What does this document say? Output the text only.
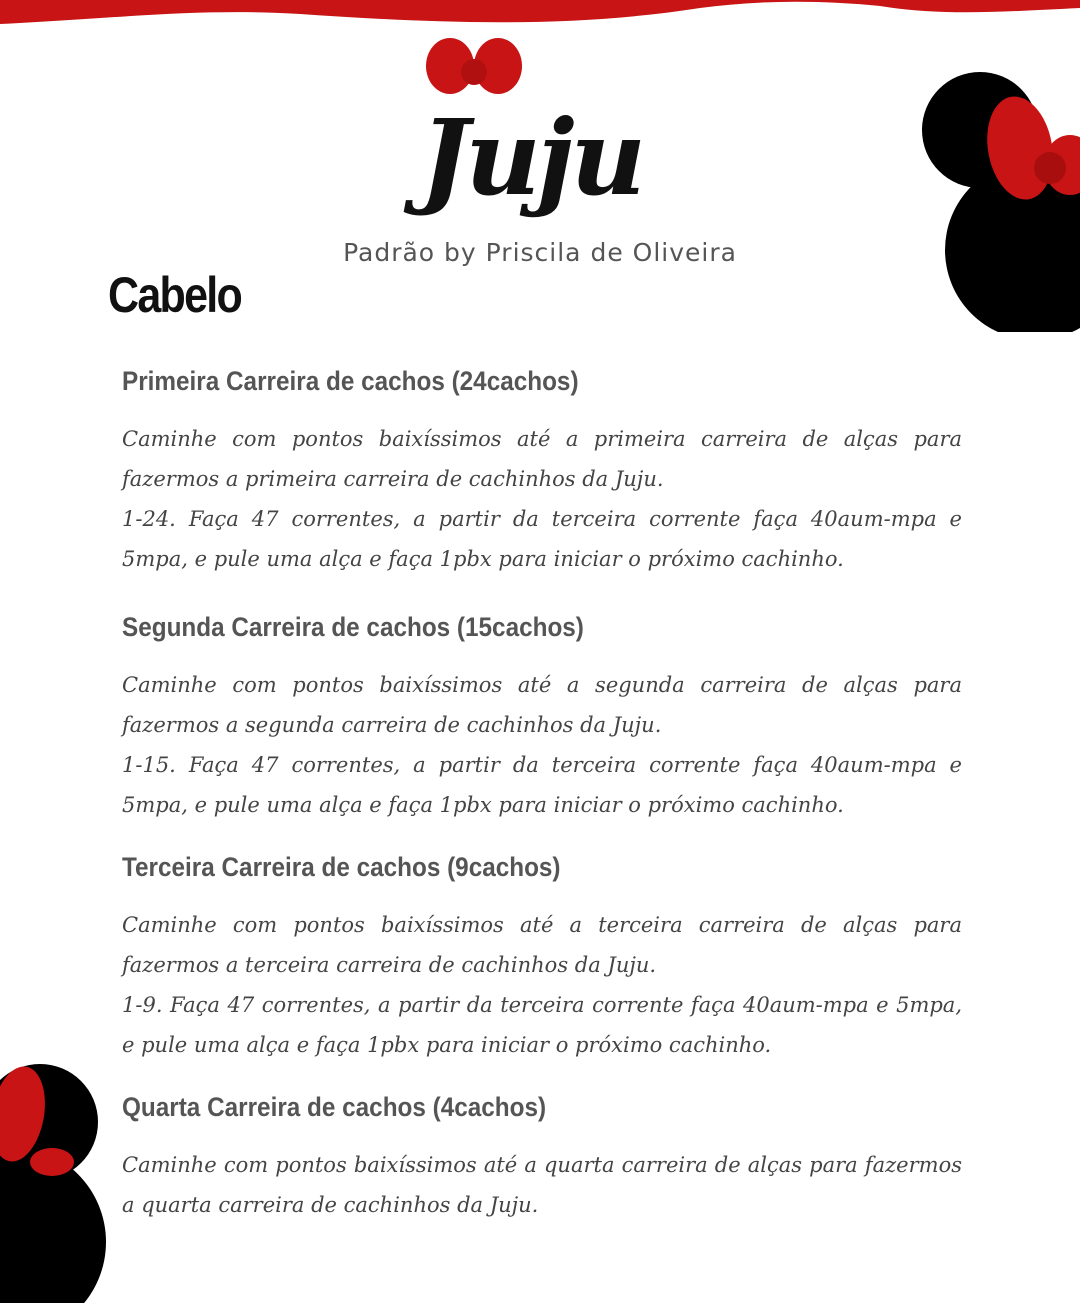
Juju
Padrão by Priscila de Oliveira
Cabelo
Primeira Carreira de cachos (24cachos)

Caminhe com pontos baixíssimos até a primeira carreira de alças para fazermos a primeira carreira de cachinhos da Juju.

1-24. Faça 47 correntes, a partir da terceira corrente faça 40aum-mpa e 5mpa, e pule uma alça e faça 1pbx para iniciar o próximo cachinho.

Segunda Carreira de cachos (15cachos)

Caminhe com pontos baixíssimos até a segunda carreira de alças para fazermos a segunda carreira de cachinhos da Juju.

1-15. Faça 47 correntes, a partir da terceira corrente faça 40aum-mpa e 5mpa, e pule uma alça e faça 1pbx para iniciar o próximo cachinho.

Terceira Carreira de cachos (9cachos)

Caminhe com pontos baixíssimos até a terceira carreira de alças para fazermos a terceira carreira de cachinhos da Juju.

1-9. Faça 47 correntes, a partir da terceira corrente faça 40aum-mpa e 5mpa, e pule uma alça e faça 1pbx para iniciar o próximo cachinho.

Quarta Carreira de cachos (4cachos)

Caminhe com pontos baixíssimos até a quarta carreira de alças para fazermos a quarta carreira de cachinhos da Juju.
